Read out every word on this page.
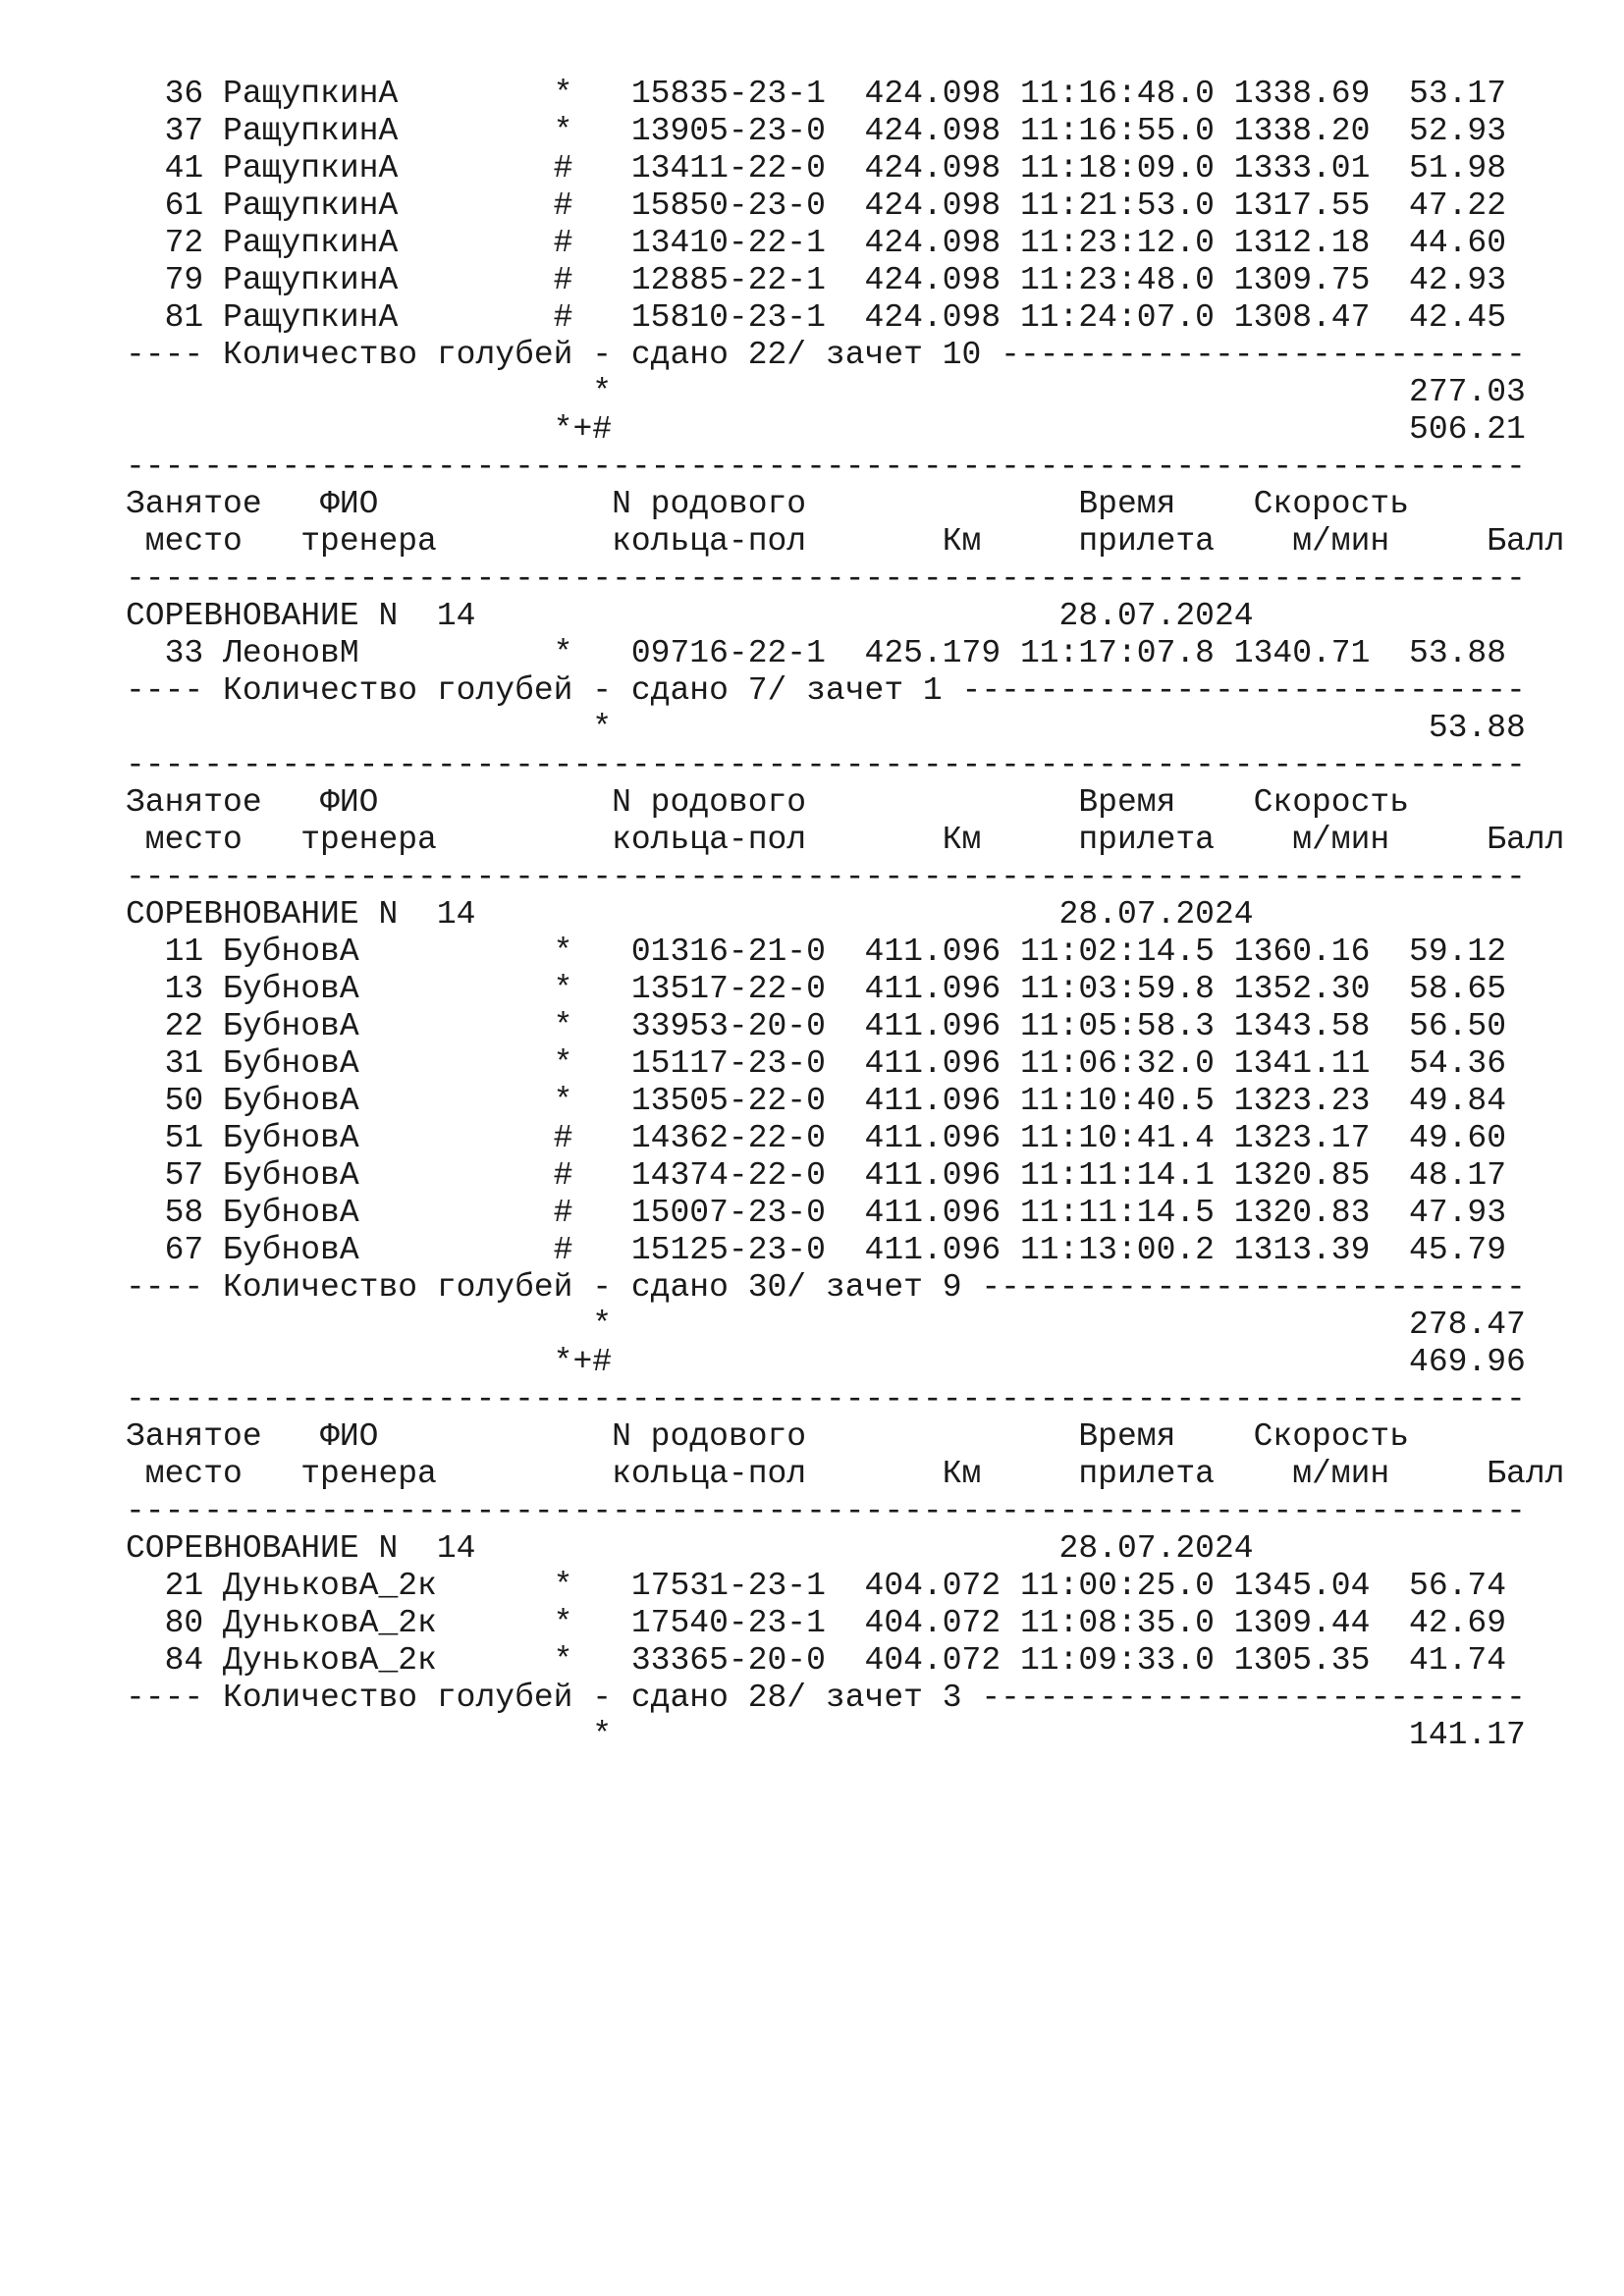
36 РащупкинА        *   15835-23-1  424.098 11:16:48.0 1338.69  53.17
37 РащупкинА        *   13905-23-0  424.098 11:16:55.0 1338.20  52.93
41 РащупкинА        #   13411-22-0  424.098 11:18:09.0 1333.01  51.98
61 РащупкинА        #   15850-23-0  424.098 11:21:53.0 1317.55  47.22
72 РащупкинА        #   13410-22-1  424.098 11:23:12.0 1312.18  44.60
79 РащупкинА        #   12885-22-1  424.098 11:23:48.0 1309.75  42.93
81 РащупкинА        #   15810-23-1  424.098 11:24:07.0 1308.47  42.45
---- Количество голубей - сдано 22/ зачет 10 ---------------------------
*                                         277.03
*+#                                         506.21
------------------------------------------------------------------------
Занятое   ФИО            N родового              Время    Скорость
место   тренера         кольца-пол       Км     прилета    м/мин     Балл
------------------------------------------------------------------------
СОРЕВНОВАНИЕ N  14                              28.07.2024
33 ЛеоновМ          *   09716-22-1  425.179 11:17:07.8 1340.71  53.88
---- Количество голубей - сдано 7/ зачет 1 -----------------------------
*                                          53.88
------------------------------------------------------------------------
Занятое   ФИО            N родового              Время    Скорость
место   тренера         кольца-пол       Км     прилета    м/мин     Балл
------------------------------------------------------------------------
СОРЕВНОВАНИЕ N  14                              28.07.2024
11 БубновА          *   01316-21-0  411.096 11:02:14.5 1360.16  59.12
13 БубновА          *   13517-22-0  411.096 11:03:59.8 1352.30  58.65
22 БубновА          *   33953-20-0  411.096 11:05:58.3 1343.58  56.50
31 БубновА          *   15117-23-0  411.096 11:06:32.0 1341.11  54.36
50 БубновА          *   13505-22-0  411.096 11:10:40.5 1323.23  49.84
51 БубновА          #   14362-22-0  411.096 11:10:41.4 1323.17  49.60
57 БубновА          #   14374-22-0  411.096 11:11:14.1 1320.85  48.17
58 БубновА          #   15007-23-0  411.096 11:11:14.5 1320.83  47.93
67 БубновА          #   15125-23-0  411.096 11:13:00.2 1313.39  45.79
---- Количество голубей - сдано 30/ зачет 9 ----------------------------
*                                         278.47
*+#                                         469.96
------------------------------------------------------------------------
Занятое   ФИО            N родового              Время    Скорость
место   тренера         кольца-пол       Км     прилета    м/мин     Балл
------------------------------------------------------------------------
СОРЕВНОВАНИЕ N  14                              28.07.2024
21 ДуньковА_2к      *   17531-23-1  404.072 11:00:25.0 1345.04  56.74
80 ДуньковА_2к      *   17540-23-1  404.072 11:08:35.0 1309.44  42.69
84 ДуньковА_2к      *   33365-20-0  404.072 11:09:33.0 1305.35  41.74
---- Количество голубей - сдано 28/ зачет 3 ----------------------------
*                                         141.17
